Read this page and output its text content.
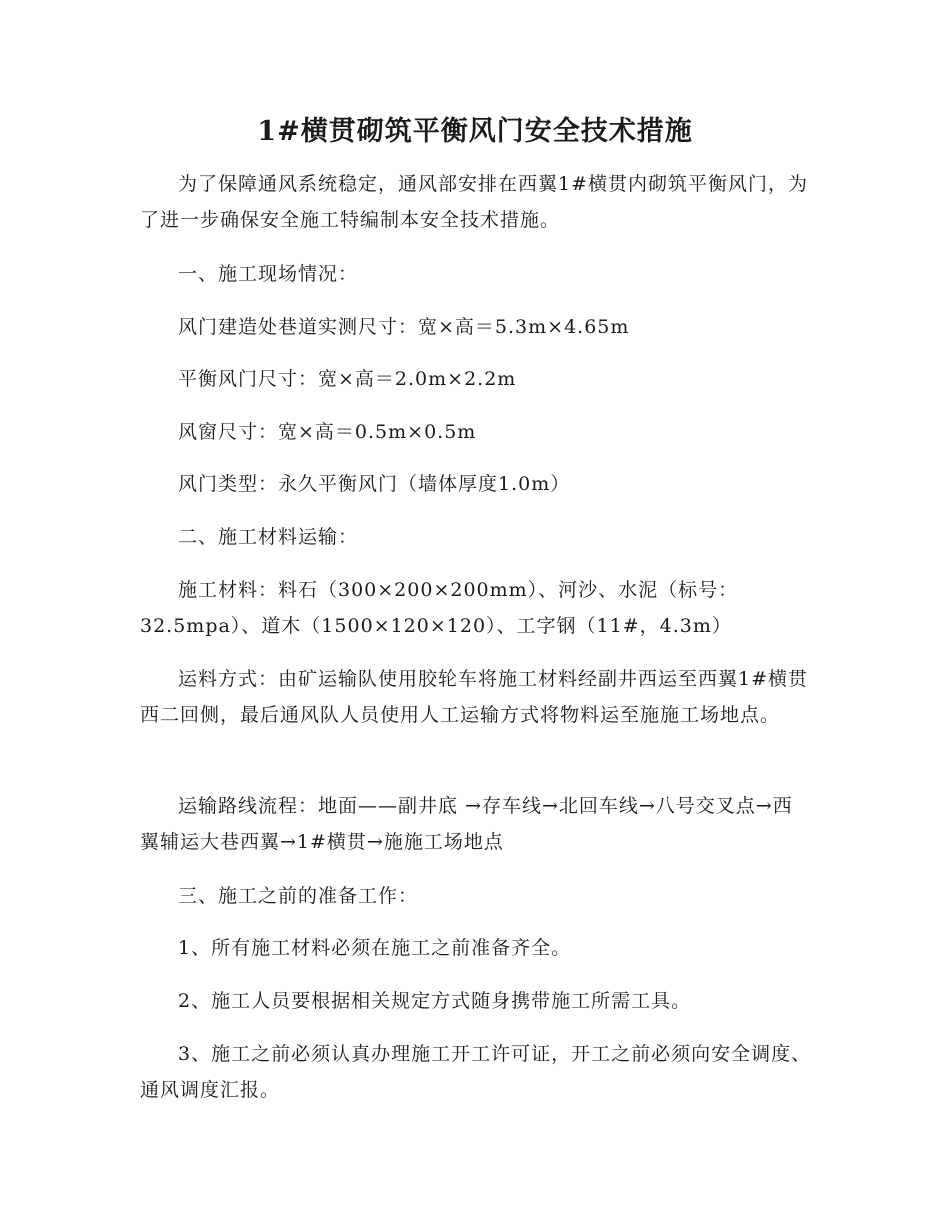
1#横贯砌筑平衡风门安全技术措施

为了保障通风系统稳定，通风部安排在西翼1#横贯内砌筑平衡风门，为了进一步确保安全施工特编制本安全技术措施。

一、施工现场情况：

风门建造处巷道实测尺寸：宽×高＝5.3m×4.65m

平衡风门尺寸：宽×高＝2.0m×2.2m

风窗尺寸：宽×高＝0.5m×0.5m

风门类型：永久平衡风门（墙体厚度1.0m）

二、施工材料运输：

施工材料：料石（300×200×200mm）、河沙、水泥（标号：32.5mpa）、道木（1500×120×120）、工字钢（11#，4.3m）

运料方式：由矿运输队使用胶轮车将施工材料经副井西运至西翼1#横贯西二回侧，最后通风队人员使用人工运输方式将物料运至施施工场地点。

运输路线流程：地面——副井底 →存车线→北回车线→八号交叉点→西翼辅运大巷西翼→1#横贯→施施工场地点

三、施工之前的准备工作：

1、所有施工材料必须在施工之前准备齐全。

2、施工人员要根据相关规定方式随身携带施工所需工具。

3、施工之前必须认真办理施工开工许可证，开工之前必须向安全调度、通风调度汇报。
